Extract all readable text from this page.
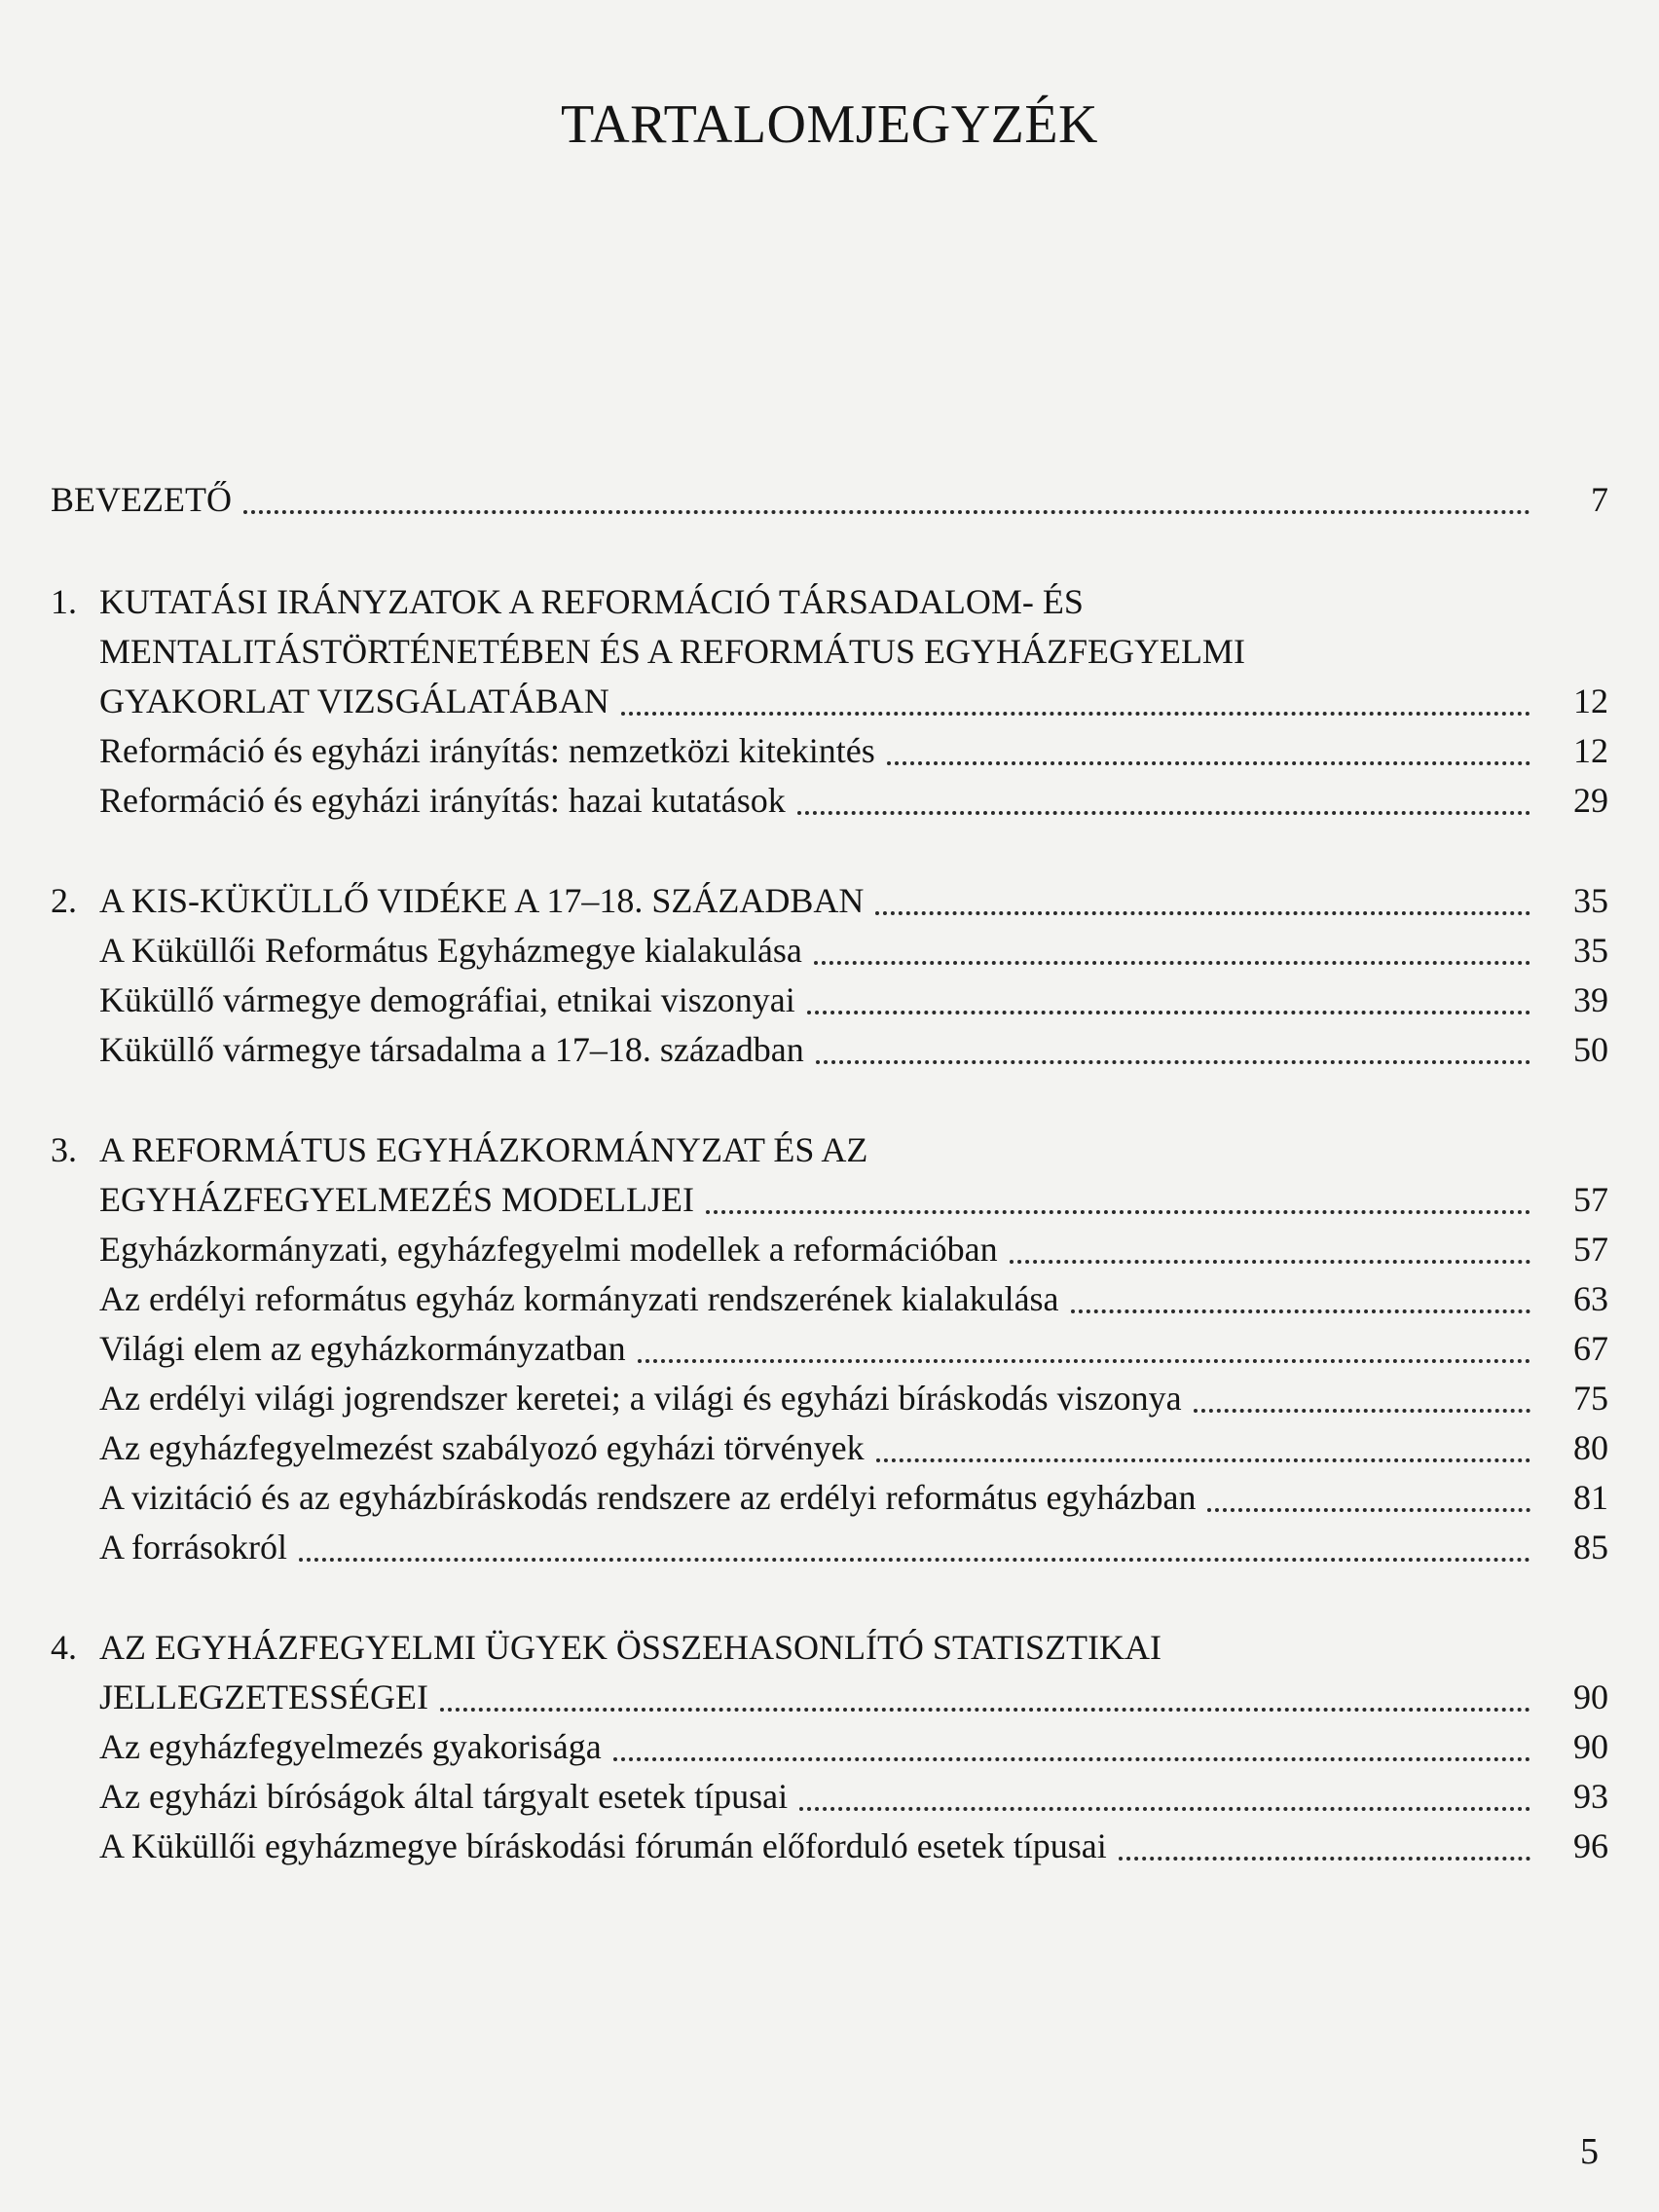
TARTALOMJEGYZÉK
BEVEZETŐ	7
1. KUTATÁSI IRÁNYZATOK A REFORMÁCIÓ TÁRSADALOM- ÉS
MENTALITÁSTÖRTÉNETÉBEN ÉS A REFORMÁTUS EGYHÁZFEGYELMI
GYAKORLAT VIZSGÁLATÁBAN	12
Reformáció és egyházi irányítás: nemzetközi kitekintés	12
Reformáció és egyházi irányítás: hazai kutatások	29
2. A KIS-KÜKÜLLŐ VIDÉKE A 17–18. SZÁZADBAN	35
A Küküllői Református Egyházmegye kialakulása	35
Küküllő vármegye demográfiai, etnikai viszonyai	39
Küküllő vármegye társadalma a 17–18. században	50
3. A REFORMÁTUS EGYHÁZKORMÁNYZAT ÉS AZ
EGYHÁZFEGYELMEZÉS MODELLJEI	57
Egyházkormányzati, egyházfegyelmi modellek a reformációban	57
Az erdélyi református egyház kormányzati rendszerének kialakulása	63
Világi elem az egyházkormányzatban	67
Az erdélyi világi jogrendszer keretei; a világi és egyházi bíráskodás viszonya	75
Az egyházfegyelmezést szabályozó egyházi törvények	80
A vizitáció és az egyházbíráskodás rendszere az erdélyi református egyházban	81
A forrásokról	85
4. AZ EGYHÁZFEGYELMI ÜGYEK ÖSSZEHASONLÍTÓ STATISZTIKAI
JELLEGZETESSÉGEI	90
Az egyházfegyelmezés gyakorisága	90
Az egyházi bíróságok által tárgyalt esetek típusai	93
A Küküllői egyházmegye bíráskodási fórumán előforduló esetek típusai	96
5
